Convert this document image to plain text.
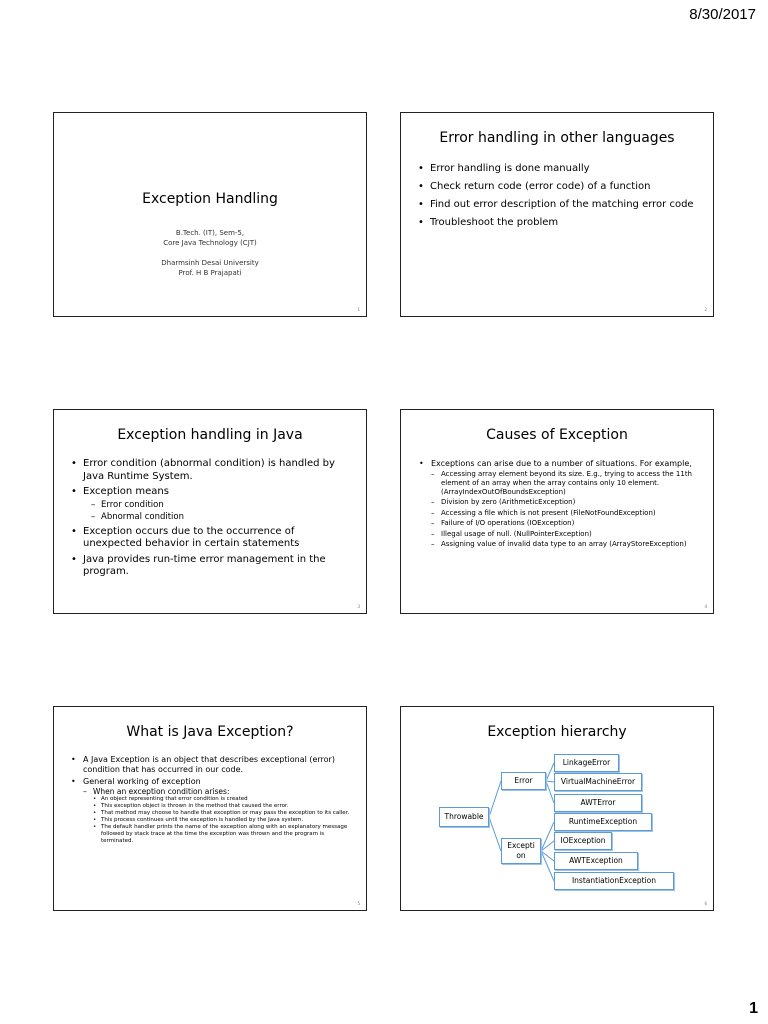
8/30/2017
Exception Handling
B.Tech. (IT), Sem-5,
Core Java Technology (CJT)
Dharmsinh Desai University
Prof. H B Prajapati
1
Error handling in other languages
• Error handling is done manually
• Check return code (error code) of a function
• Find out error description of the matching error code
• Troubleshoot the problem
2
Exception handling in Java
• Error condition (abnormal condition) is handled by Java Runtime System.
• Exception means
– Error condition
– Abnormal condition
• Exception occurs due to the occurrence of unexpected behavior in certain statements
• Java provides run-time error management in the program.
3
Causes of Exception
• Exceptions can arise due to a number of situations. For example,
– Accessing array element beyond its size. E.g., trying to access the 11th element of an array when the array contains only 10 element. (ArrayIndexOutOfBoundsException)
– Division by zero (ArithmeticException)
– Accessing a file which is not present (FileNotFoundException)
– Failure of I/O operations (IOException)
– Illegal usage of null. (NullPointerException)
– Assigning value of invalid data type to an array (ArrayStoreException)
4
What is Java Exception?
• A Java Exception is an object that describes exceptional (error) condition that has occurred in our code.
• General working of exception
– When an exception condition arises:
• An object representing that error condition is created
• This exception object is thrown in the method that caused the error.
• That method may choose to handle that exception or may pass the exception to its caller.
• This process continues until the exception is handled by the Java system.
• The default handler prints the name of the exception along with an explanatory message followed by stack trace at the time the exception was thrown and the program is terminated.
5
Exception hierarchy
Throwable
Error
Exception
LinkageError
VirtualMachineError
AWTError
RuntimeException
IOException
AWTException
InstantiationException
6
1
